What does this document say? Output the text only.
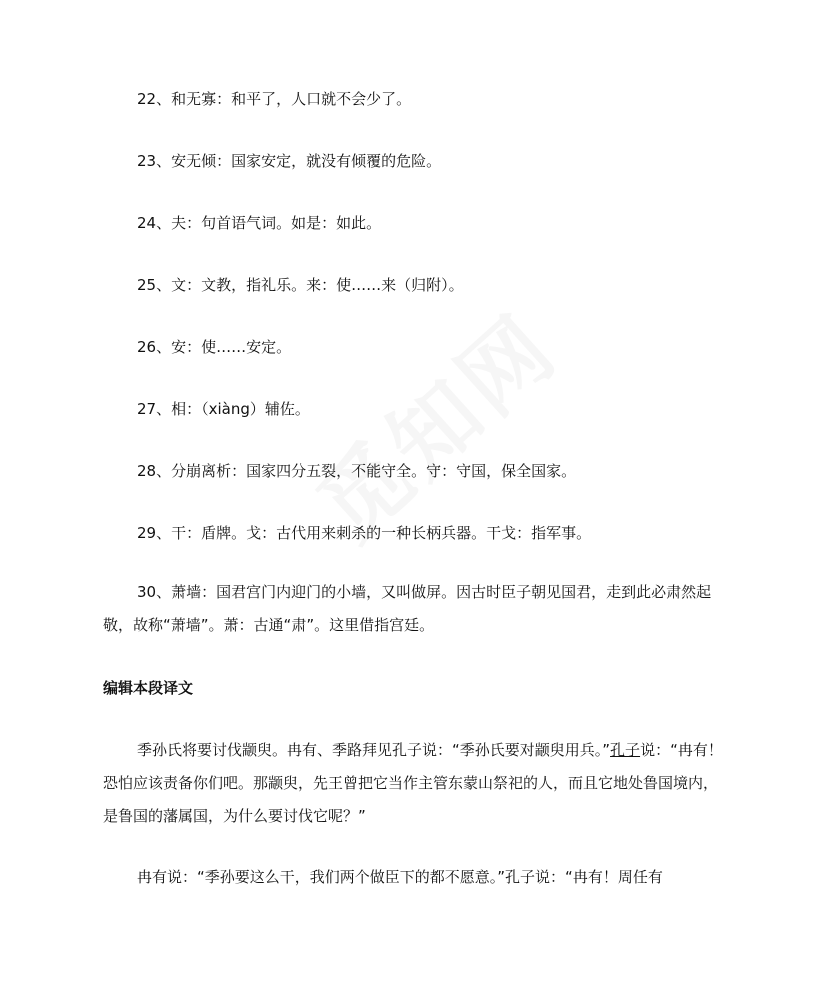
22、和无寡：和平了，人口就不会少了。

23、安无倾：国家安定，就没有倾覆的危险。

24、夫：句首语气词。如是：如此。

25、文：文教，指礼乐。来：使……来（归附）。

26、安：使……安定。

27、相：（xiàng）辅佐。

28、分崩离析：国家四分五裂，不能守全。守：守国，保全国家。

29、干：盾牌。戈：古代用来刺杀的一种长柄兵器。干戈：指军事。

30、萧墙：国君宫门内迎门的小墙，又叫做屏。因古时臣子朝见国君，走到此必肃然起敬，故称“萧墙”。萧：古通“肃”。这里借指宫廷。

编辑本段译文

季孙氏将要讨伐颛臾。冉有、季路拜见孔子说：“季孙氏要对颛臾用兵。”孔子说：“冉有！恐怕应该责备你们吧。那颛臾，先王曾把它当作主管东蒙山祭祀的人，而且它地处鲁国境内，是鲁国的藩属国，为什么要讨伐它呢？”

冉有说：“季孙要这么干，我们两个做臣下的都不愿意。”孔子说：“冉有！周任有
